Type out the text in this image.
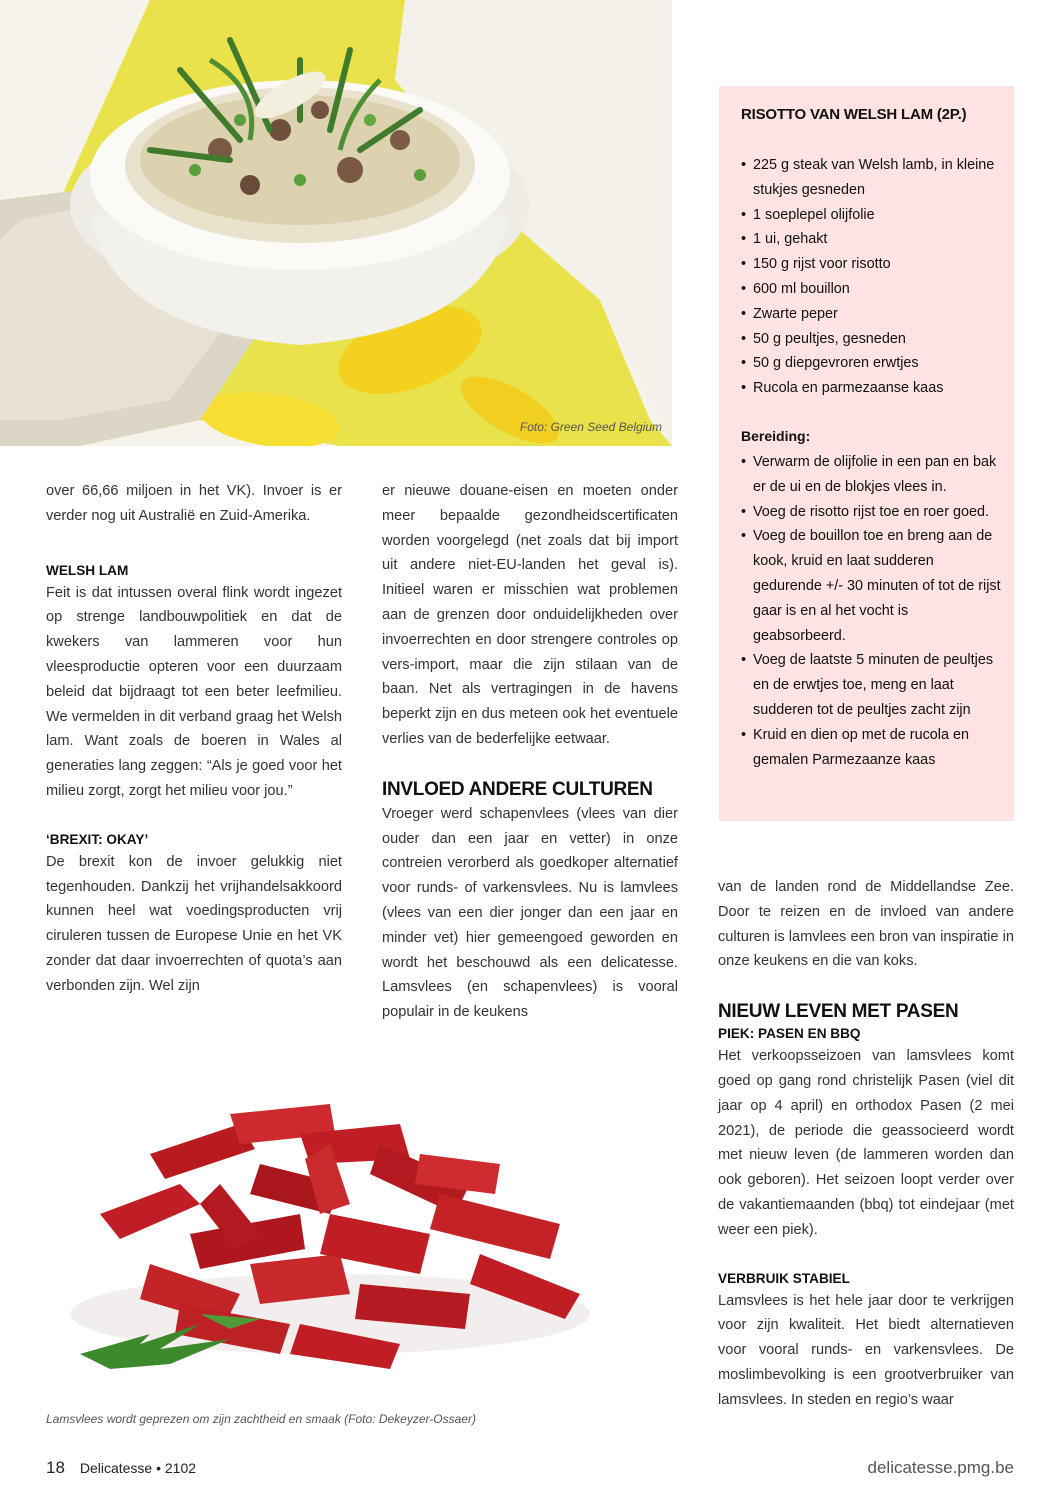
Foto: Green Seed Belgium
RISOTTO VAN WELSH LAM (2P.)
• 225 g steak van Welsh lamb, in kleine stukjes gesneden
• 1 soeplepel olijfolie
• 1 ui, gehakt
• 150 g rijst voor risotto
• 600 ml bouillon
• Zwarte peper
• 50 g peultjes, gesneden
• 50 g diepgevroren erwtjes
• Rucola en parmezaanse kaas
Bereiding:
• Verwarm de olijfolie in een pan en bak er de ui en de blokjes vlees in.
• Voeg de risotto rijst toe en roer goed.
• Voeg de bouillon toe en breng aan de kook, kruid en laat sudderen gedurende +/- 30 minuten of tot de rijst gaar is en al het vocht is geabsorbeerd.
• Voeg de laatste 5 minuten de peultjes en de erwtjes toe, meng en laat sudderen tot de peultjes zacht zijn
• Kruid en dien op met de rucola en gemalen Parmezaanze kaas

over 66,66 miljoen in het VK). Invoer is er verder nog uit Australië en Zuid-Amerika.

WELSH LAM

Feit is dat intussen overal flink wordt ingezet op strenge landbouwpolitiek en dat de kwekers van lammeren voor hun vleesproductie opteren voor een duurzaam beleid dat bijdraagt tot een beter leefmilieu. We vermelden in dit verband graag het Welsh lam. Want zoals de boeren in Wales al generaties lang zeggen: “Als je goed voor het milieu zorgt, zorgt het milieu voor jou.”

‘BREXIT: OKAY’

De brexit kon de invoer gelukkig niet tegenhouden. Dankzij het vrijhandelsakkoord kunnen heel wat voedingsproducten vrij ciruleren tussen de Europese Unie en het VK zonder dat daar invoerrechten of quota’s aan verbonden zijn. Wel zijn

er nieuwe douane-eisen en moeten onder meer bepaalde gezondheidscertificaten worden voorgelegd (net zoals dat bij import uit andere niet-EU-landen het geval is). Initieel waren er misschien wat problemen aan de grenzen door onduidelijkheden over invoerrechten en door strengere controles op vers-import, maar die zijn stilaan van de baan. Net als vertragingen in de havens beperkt zijn en dus meteen ook het eventuele verlies van de bederfelijke eetwaar.

INVLOED ANDERE CULTUREN

Vroeger werd schapenvlees (vlees van dier ouder dan een jaar en vetter) in onze contreien verorberd als goedkoper alternatief voor runds- of varkensvlees. Nu is lamvlees (vlees van een dier jonger dan een jaar en minder vet) hier gemeengoed geworden en wordt het beschouwd als een delicatesse. Lamsvlees (en schapenvlees) is vooral populair in de keukens

van de landen rond de Middellandse Zee. Door te reizen en de invloed van andere culturen is lamvlees een bron van inspiratie in onze keukens en die van koks.

NIEUW LEVEN MET PASEN
PIEK: PASEN EN BBQ

Het verkoopsseizoen van lamsvlees komt goed op gang rond christelijk Pasen (viel dit jaar op 4 april) en orthodox Pasen (2 mei 2021), de periode die geassocieerd wordt met nieuw leven (de lammeren worden dan ook geboren). Het seizoen loopt verder over de vakantiemaanden (bbq) tot eindejaar (met weer een piek).

VERBRUIK STABIEL

Lamsvlees is het hele jaar door te verkrijgen voor zijn kwaliteit. Het biedt alternatieven voor vooral runds- en varkensvlees. De moslimbevolking is een grootverbruiker van lamsvlees. In steden en regio’s waar

Lamsvlees wordt geprezen om zijn zachtheid en smaak (Foto: Dekeyzer-Ossaer)
18 Delicatesse • 2102	delicatesse.pmg.be
